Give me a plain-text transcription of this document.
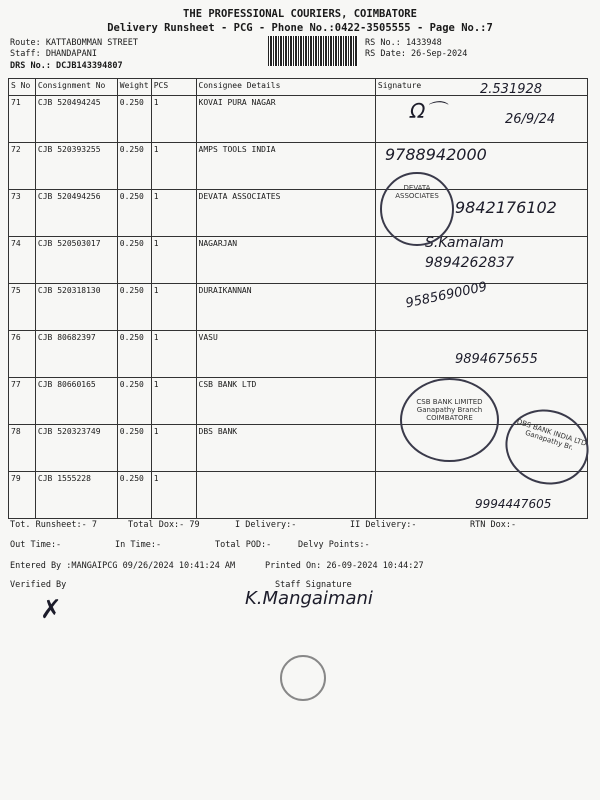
THE PROFESSIONAL COURIERS, COIMBATORE
Delivery Runsheet - PCG - Phone No.:0422-3505555 - Page No.:7
Route: KATTABOMMAN STREET
Staff: DHANDAPANI
DRS No.: DCJB143394807
RS No.: 1433948
RS Date: 26-Sep-2024
S No	Consignment No	Weight	PCS	Consignee Details	Signature
71	CJB 520494245	0.250	1	KOVAI PURA NAGAR	
72	CJB 520393255	0.250	1	AMPS TOOLS INDIA	
73	CJB 520494256	0.250	1	DEVATA ASSOCIATES	
74	CJB 520503017	0.250	1	NAGARJAN	
75	CJB 520318130	0.250	1	DURAIKANNAN	
76	CJB 80682397	0.250	1	VASU	
77	CJB 80660165	0.250	1	CSB BANK LTD	
78	CJB 520323749	0.250	1	DBS BANK	
79	CJB 1555228	0.250	1		
2.531928
Ω⌒	26/9/24
9788942000
9842176102
S.Kamalam
9894262837
9585690009
9894675655
9994447605
K.Mangaimani
DEVATA ASSOCIATES
CSB BANK LIMITED Ganapathy Branch COIMBATORE	DBS BANK INDIA LTD Ganapathy Br.
Tot. Runsheet:- 7	Total Dox:- 79	I Delivery:-	II Delivery:-	RTN Dox:-
Out Time:-	In Time:-	Total POD:-	Delvy Points:-
Entered By :MANGAIPCG 09/26/2024 10:41:24 AM	Printed On: 26-09-2024 10:44:27
Verified By	Staff Signature
✗
